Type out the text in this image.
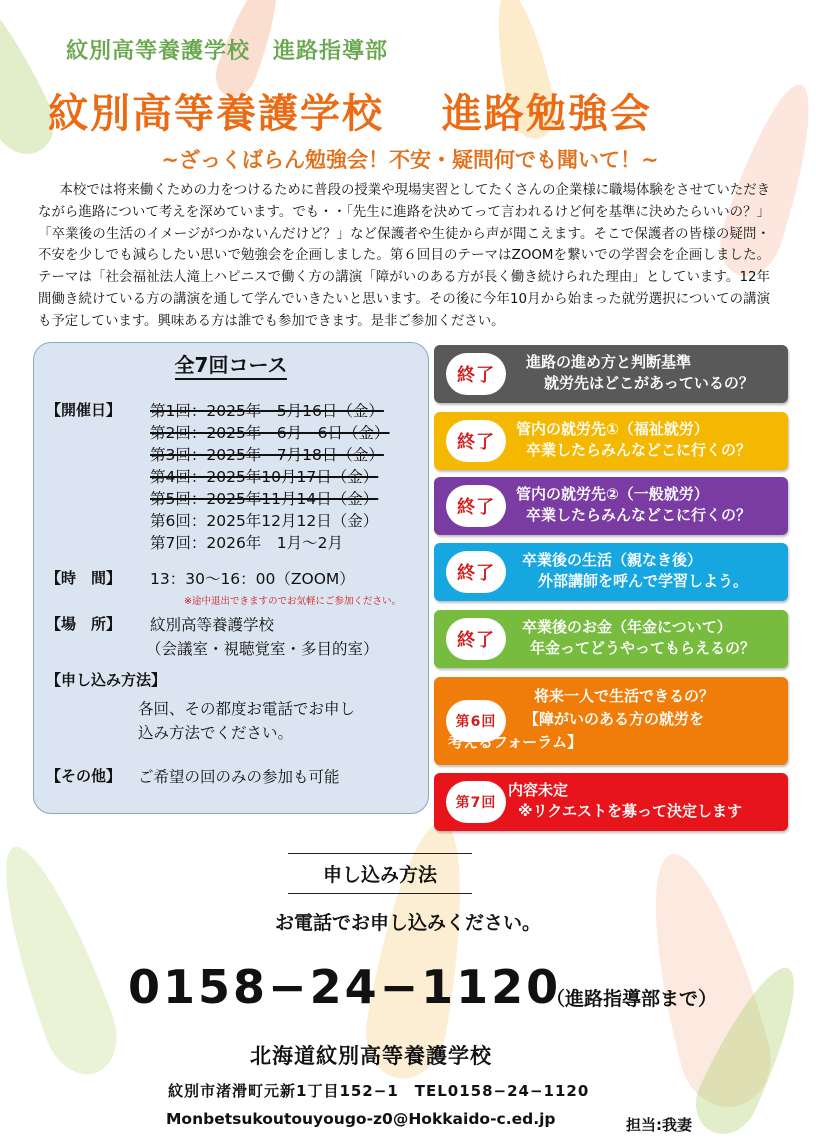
紋別高等養護学校　進路指導部
紋別高等養護学校　 進路勉強会
~ざっくばらん勉強会！不安・疑問何でも聞いて！~
本校では将来働くための力をつけるために普段の授業や現場実習としてたくさんの企業様に職場体験をさせていただきながら進路について考えを深めています。でも・・「先生に進路を決めてって言われるけど何を基準に決めたらいいの？」「卒業後の生活のイメージがつかないんだけど？」など保護者や生徒から声が聞こえます。そこで保護者の皆様の疑問・不安を少しでも減らしたい思いで勉強会を企画しました。第６回目のテーマはZOOMを繋いでの学習会を企画しました。テーマは「社会福祉法人滝上ハピニスで働く方の講演「障がいのある方が長く働き続けられた理由」としています。12年間働き続けている方の講演を通して学んでいきたいと思います。その後に今年10月から始まった就労選択についての講演も予定しています。興味ある方は誰でも参加できます。是非ご参加ください。
全7回コース
【開催日】 第1回：2025年　5月16日（金）
第2回：2025年　6月　6日（金）
第3回：2025年　7月18日（金）
第4回：2025年10月17日（金）
第5回：2025年11月14日（金）
第6回：2025年12月12日（金）
第7回：2026年　1月～2月
【時　間】 13：30～16：00（ZOOM）
※途中退出できますのでお気軽にご参加ください。
【場　所】 紋別高等養護学校
（会議室・視聴覚室・多目的室）
【申し込み方法】
各回、その都度お電話でお申し
込み方法でください。
【その他】 ご希望の回のみの参加も可能
終了
進路の進め方と判断基準
就労先はどこがあっているの？
終了
管内の就労先①（福祉就労）
卒業したらみんなどこに行くの？
終了
管内の就労先②（一般就労）
卒業したらみんなどこに行くの？
終了
卒業後の生活（親なき後）
外部講師を呼んで学習しよう。
終了
卒業後のお金（年金について）
年金ってどうやってもらえるの？
第6回
将来一人で生活できるの？
【障がいのある方の就労を
考えるフォーラム】
第7回
内容未定
※リクエストを募って決定します
申し込み方法
お電話でお申し込みください。
0158−24−1120
（進路指導部まで）
北海道紋別高等養護学校
紋別市渚滑町元新1丁目152−1　TEL0158−24−1120
Monbetsukoutouyougo-z0@Hokkaido-c.ed.jp	担当:我妻
